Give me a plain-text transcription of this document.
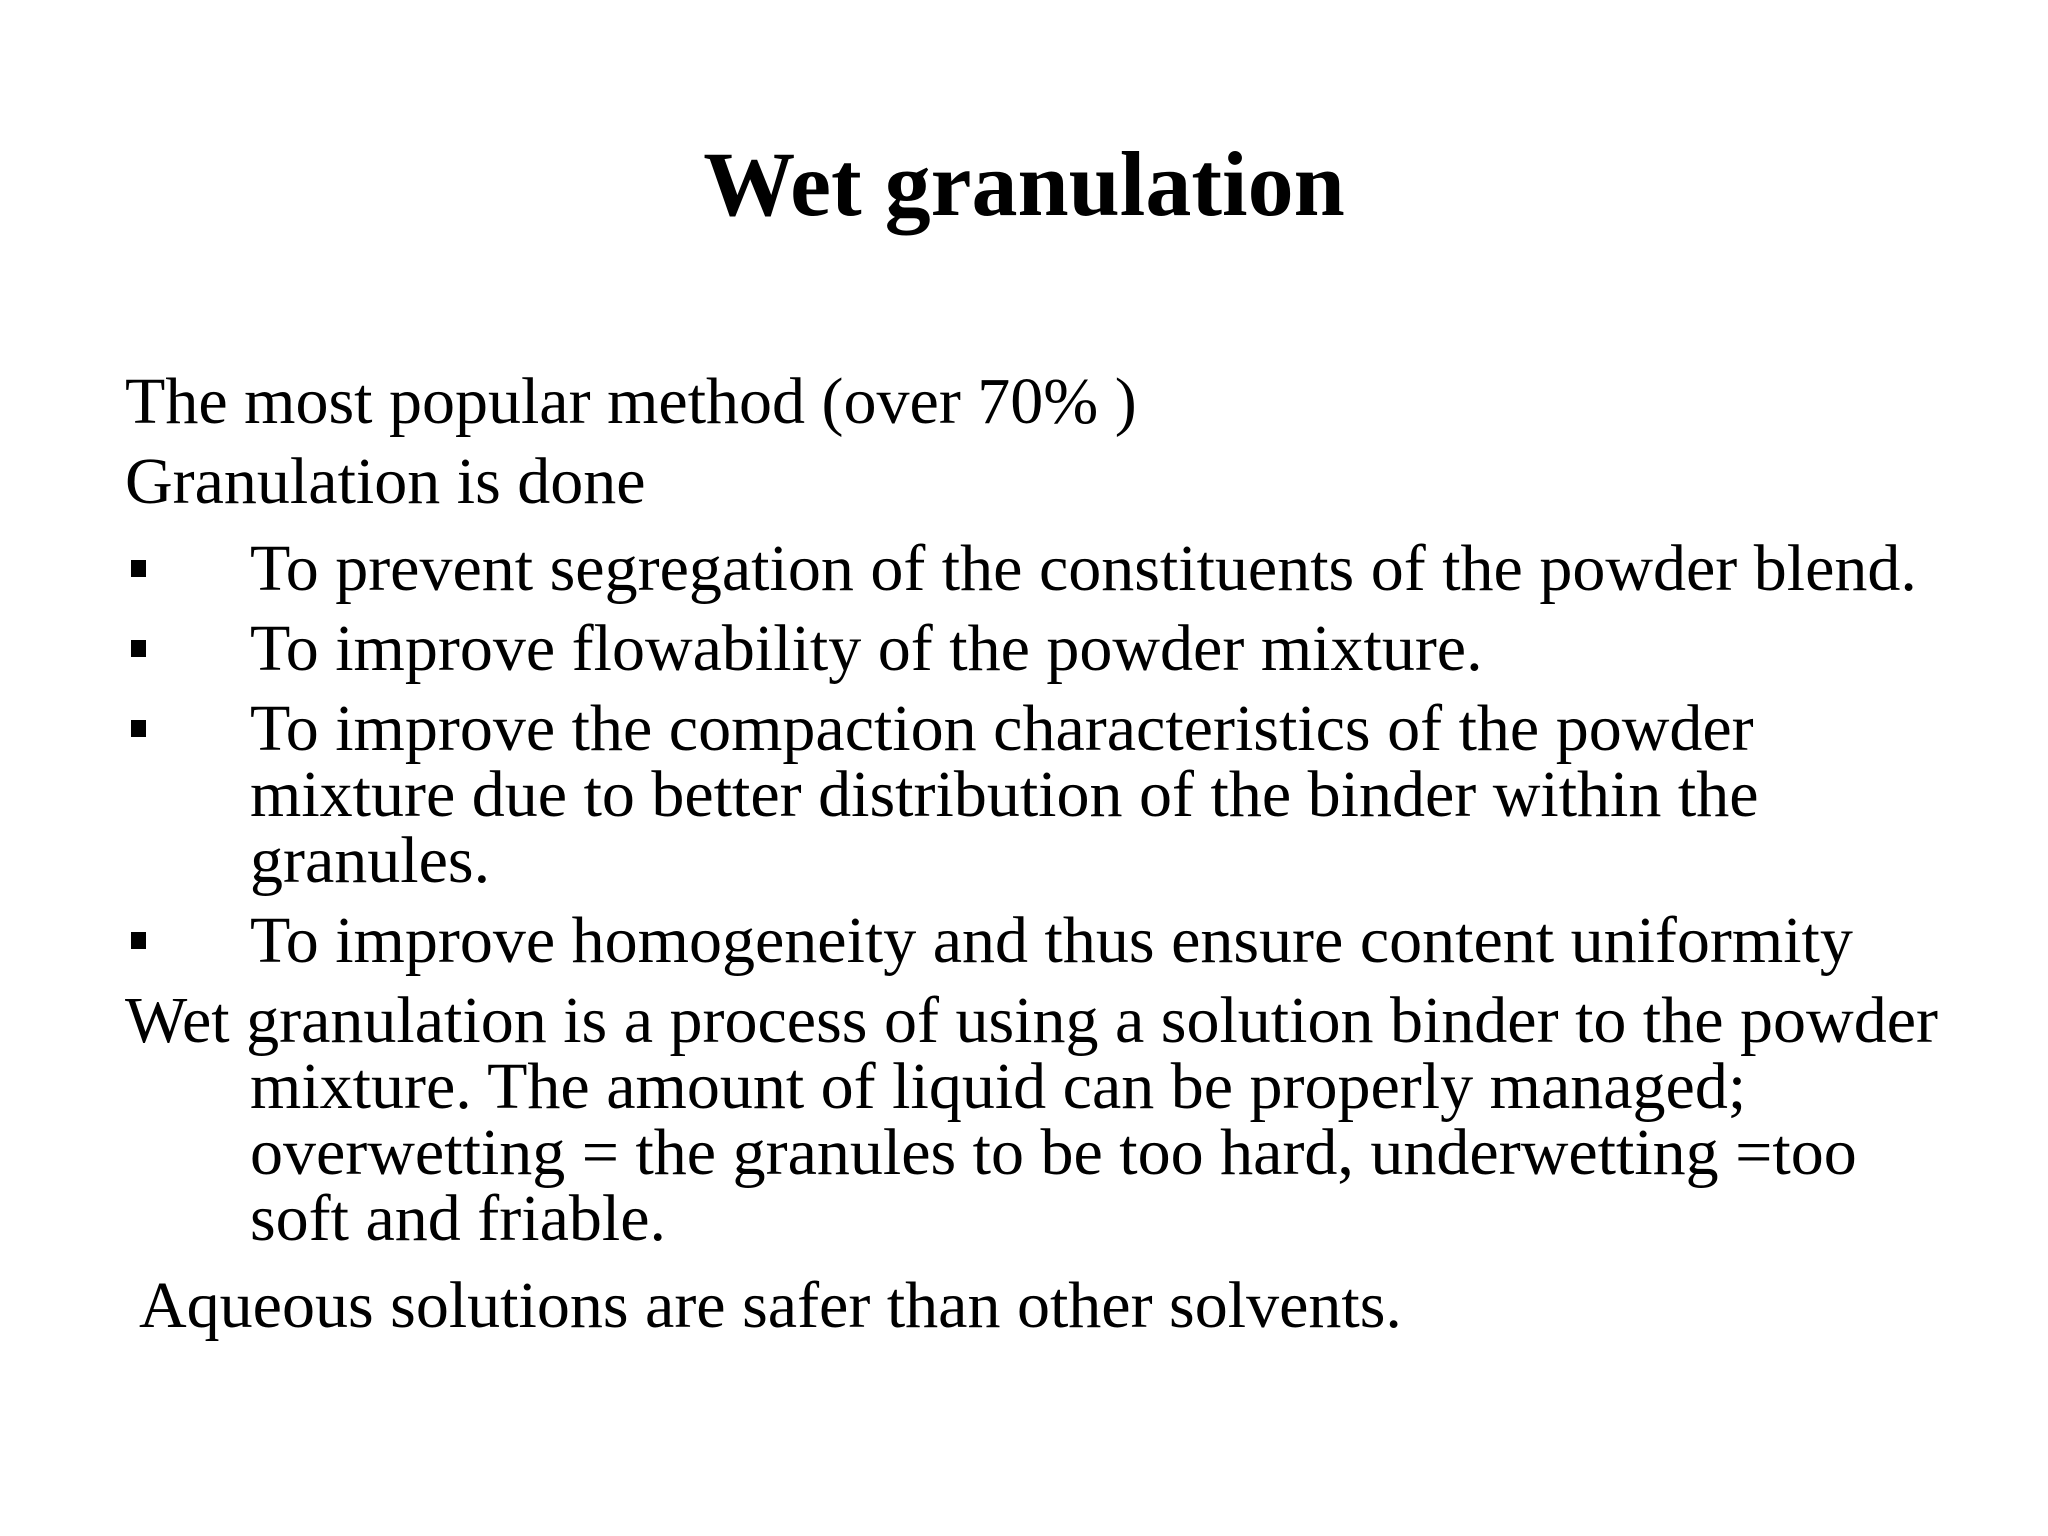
Wet granulation
The most popular method (over 70% )
Granulation is done
To prevent segregation of the constituents of the powder blend.
To improve flowability of the powder mixture.
To improve the compaction characteristics of the powder mixture due to better distribution of the binder within the granules.
To improve homogeneity and thus ensure content uniformity
Wet granulation is a process of using a solution binder to the powder mixture. The amount of liquid can be properly managed; overwetting = the granules to be too hard, underwetting =too soft and friable.
Aqueous solutions are safer than other solvents.
